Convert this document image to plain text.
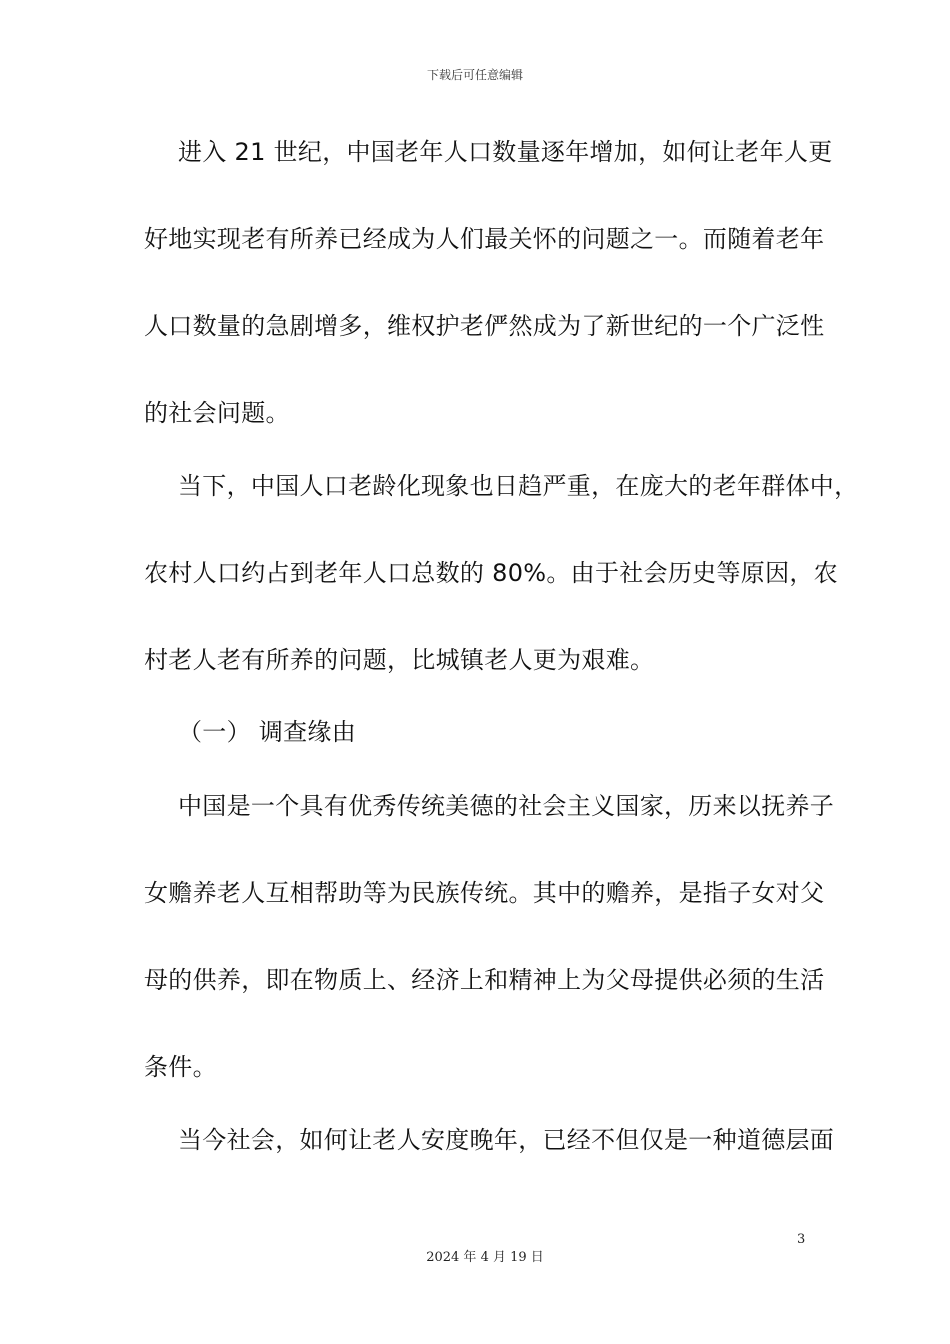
下载后可任意编辑
进入 21 世纪，中国老年人口数量逐年增加，如何让老年人更
好地实现老有所养已经成为人们最关怀的问题之一。而随着老年
人口数量的急剧增多，维权护老俨然成为了新世纪的一个广泛性
的社会问题。
当下，中国人口老龄化现象也日趋严重，在庞大的老年群体中，
农村人口约占到老年人口总数的 80%。由于社会历史等原因，农
村老人老有所养的问题，比城镇老人更为艰难。
（一） 调查缘由
中国是一个具有优秀传统美德的社会主义国家，历来以抚养子
女赡养老人互相帮助等为民族传统。其中的赡养，是指子女对父
母的供养，即在物质上、经济上和精神上为父母提供必须的生活
条件。
当今社会，如何让老人安度晚年，已经不但仅是一种道德层面
3
2024 年 4 月 19 日
